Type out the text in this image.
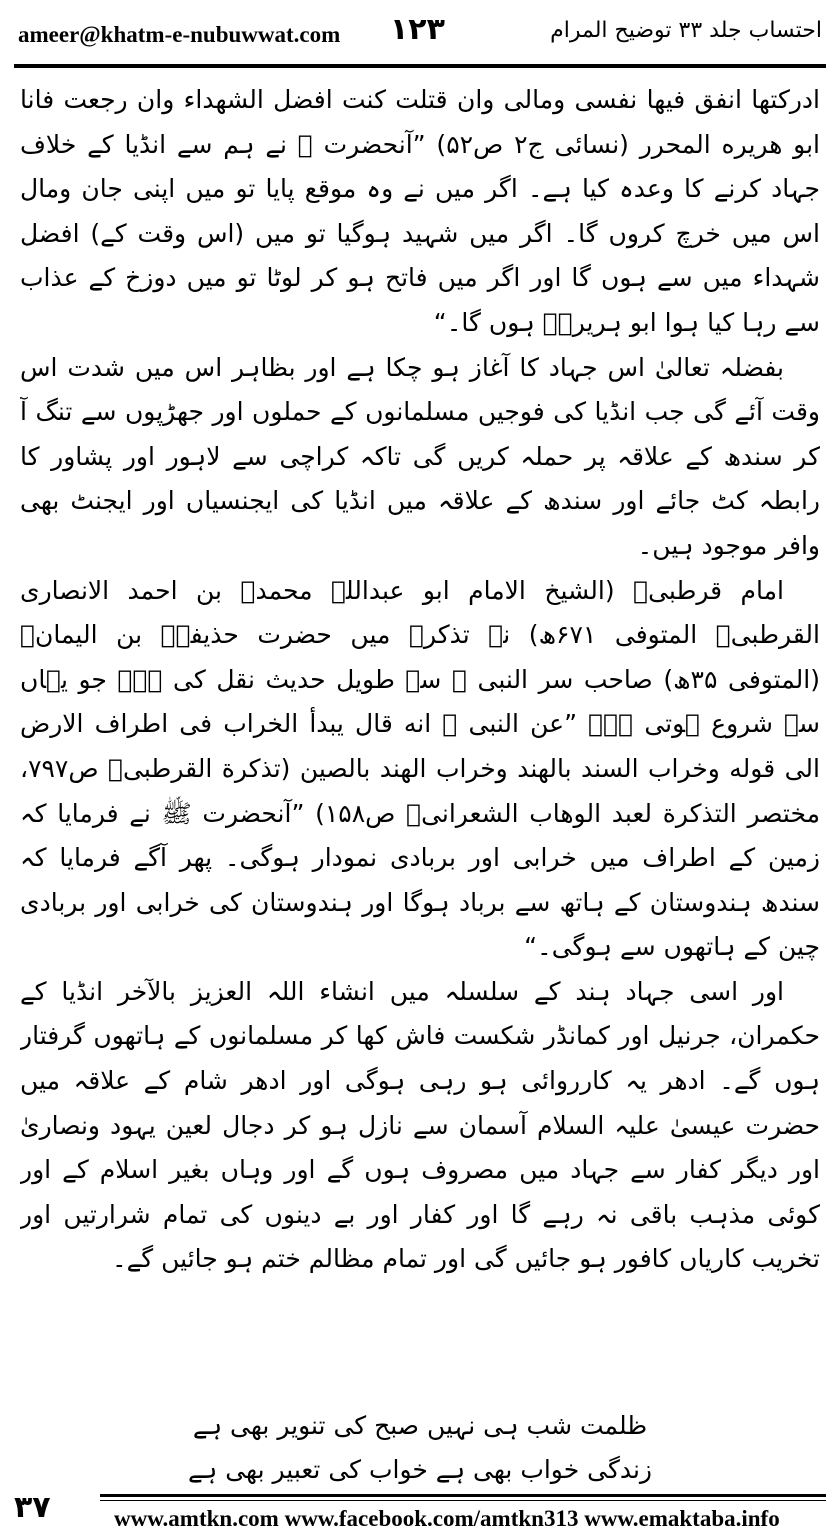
ameer@khatm-e-nubuwwat.com ۱۲۳	احتساب جلد ۳۳ توضیح المرام

ادرکتها انفق فیها نفسی ومالی وان قتلت کنت افضل الشهداء وان رجعت فانا ابو هریره المحرر (نسائی ج۲ ص۵۲) ”آنحضرت ﷺ نے ہم سے انڈیا کے خلاف جہاد کرنے کا وعدہ کیا ہے۔ اگر میں نے وہ موقع پایا تو میں اپنی جان ومال اس میں خرچ کروں گا۔ اگر میں شہید ہوگیا تو میں (اس وقت کے) افضل شہداء میں سے ہوں گا اور اگر میں فاتح ہو کر لوٹا تو میں دوزخ کے عذاب سے رہا کیا ہوا ابو ہریرہؓ ہوں گا۔“

بفضلہ تعالیٰ اس جہاد کا آغاز ہو چکا ہے اور بظاہر اس میں شدت اس وقت آئے گی جب انڈیا کی فوجیں مسلمانوں کے حملوں اور جھڑپوں سے تنگ آ کر سندھ کے علاقہ پر حملہ کریں گی تاکہ کراچی سے لاہور اور پشاور کا رابطہ کٹ جائے اور سندھ کے علاقہ میں انڈیا کی ایجنسیاں اور ایجنٹ بھی وافر موجود ہیں۔

امام قرطبیؒ (الشیخ الامام ابو عبداللہ محمدؒ بن احمد الانصاری القرطبیؒ المتوفی ۶۷۱ھ) نے تذکرہ میں حضرت حذیفہؓ بن الیمانؓ (المتوفی ۳۵ھ) صاحب سر النبی ﷺ سے طویل حدیث نقل کی ہے۔ جو یہاں سے شروع ہوتی ہے۔ ”عن النبی ﷺ انه قال یبدأ الخراب فی اطراف الارض الی قوله وخراب السند بالهند وخراب الهند بالصین (تذکرة القرطبیؒ ص۷۹۷، مختصر التذکرة لعبد الوهاب الشعرانیؒ ص۱۵۸) ”آنحضرت ﷺ نے فرمایا کہ زمین کے اطراف میں خرابی اور بربادی نمودار ہوگی۔ پھر آگے فرمایا کہ سندھ ہندوستان کے ہاتھ سے برباد ہوگا اور ہندوستان کی خرابی اور بربادی چین کے ہاتھوں سے ہوگی۔“

اور اسی جہاد ہند کے سلسلہ میں انشاء اللہ العزیز بالآخر انڈیا کے حکمران، جرنیل اور کمانڈر شکست فاش کھا کر مسلمانوں کے ہاتھوں گرفتار ہوں گے۔ ادھر یہ کارروائی ہو رہی ہوگی اور ادھر شام کے علاقہ میں حضرت عیسیٰ علیہ السلام آسمان سے نازل ہو کر دجال لعین یہود ونصاریٰ اور دیگر کفار سے جہاد میں مصروف ہوں گے اور وہاں بغیر اسلام کے اور کوئی مذہب باقی نہ رہے گا اور کفار اور بے دینوں کی تمام شرارتیں اور تخریب کاریاں کافور ہو جائیں گی اور تمام مظالم ختم ہو جائیں گے۔

ظلمت شب ہی نہیں صبح کی تنویر بھی ہے
زندگی خواب بھی ہے خواب کی تعبیر بھی ہے
۳۷	www.amtkn.com www.facebook.com/amtkn313 www.emaktaba.info
